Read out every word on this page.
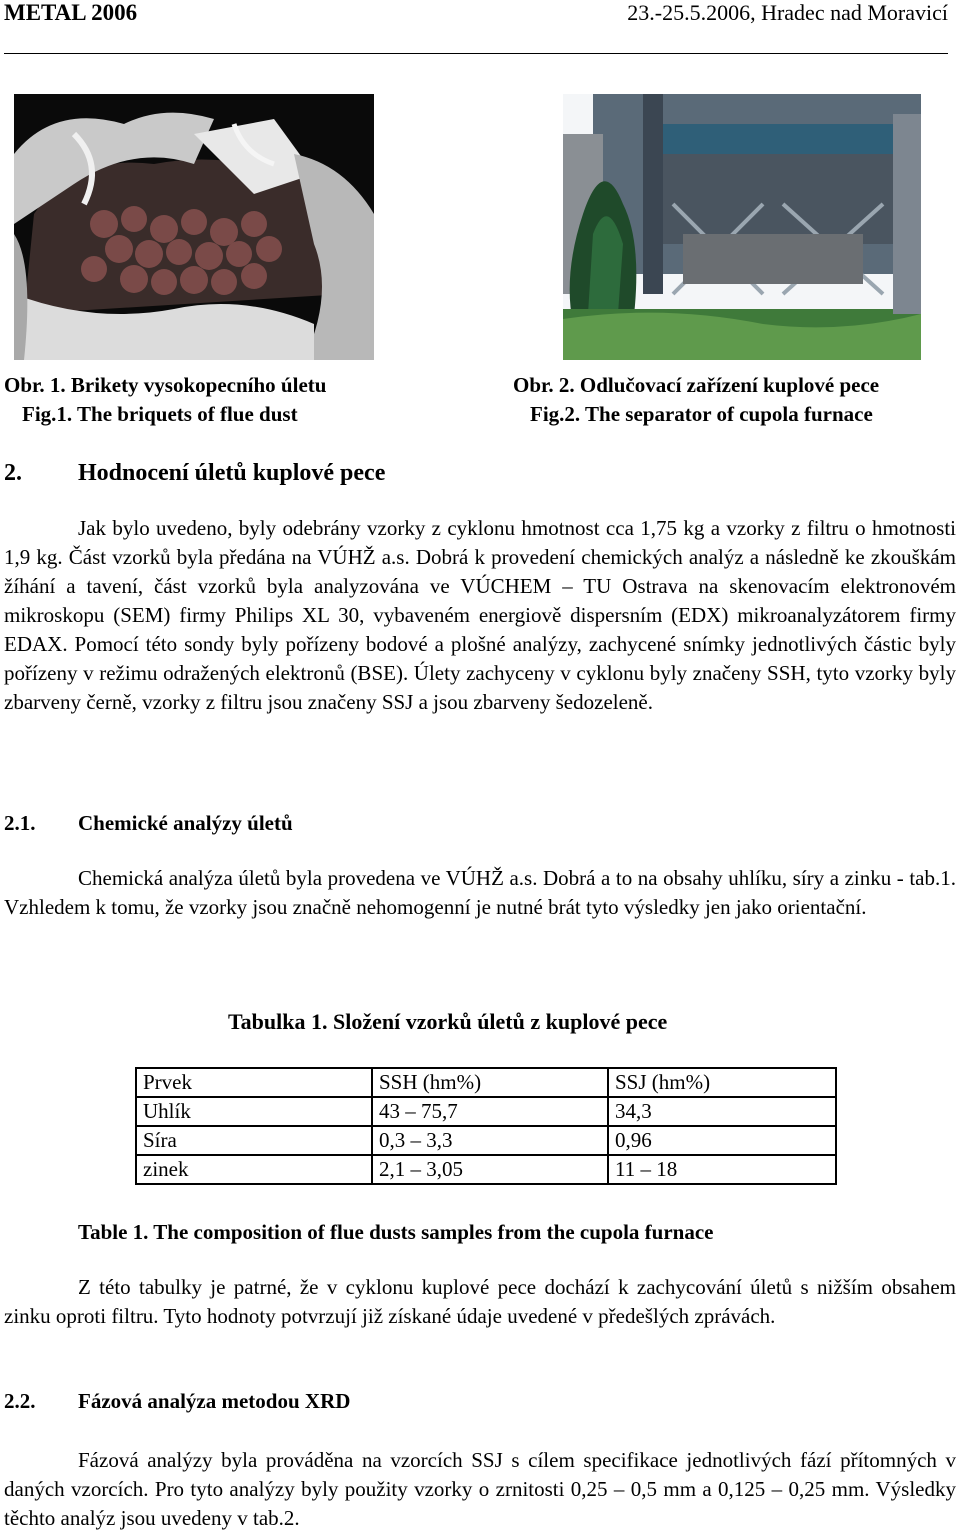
METAL 2006	23.-25.5.2006, Hradec nad Moravicí
Obr. 1. Brikety vysokopecního úletu
Fig.1. The briquets of flue dust
Obr. 2. Odlučovací zařízení kuplové pece
Fig.2. The separator of cupola furnace
2. Hodnocení úletů kuplové pece
Jak bylo uvedeno, byly odebrány vzorky z cyklonu hmotnost cca 1,75 kg a vzorky z filtru o hmotnosti 1,9 kg. Část vzorků byla předána na VÚHŽ a.s. Dobrá k provedení chemických analýz a následně ke zkouškám žíhání a tavení, část vzorků byla analyzována ve VÚCHEM – TU Ostrava na skenovacím elektronovém mikroskopu (SEM) firmy Philips XL 30, vybaveném energiově dispersním (EDX) mikroanalyzátorem firmy EDAX. Pomocí této sondy byly pořízeny bodové a plošné analýzy, zachycené snímky jednotlivých částic byly pořízeny v režimu odražených elektronů (BSE). Úlety zachyceny v cyklonu byly značeny SSH, tyto vzorky byly zbarveny černě, vzorky z filtru jsou značeny SSJ a jsou zbarveny šedozeleně.
2.1. Chemické analýzy úletů
Chemická analýza úletů byla provedena ve VÚHŽ a.s. Dobrá a to na obsahy uhlíku, síry a zinku - tab.1. Vzhledem k tomu, že vzorky jsou značně nehomogenní je nutné brát tyto výsledky jen jako orientační.
Tabulka 1. Složení vzorků úletů z kuplové pece
Prvek	SSH (hm%)	SSJ (hm%)
Uhlík	43 – 75,7	34,3
Síra	0,3 – 3,3	0,96
zinek	2,1 – 3,05	11 – 18
Table 1. The composition of flue dusts samples from the cupola furnace
Z této tabulky je patrné, že v cyklonu kuplové pece dochází k zachycování úletů s nižším obsahem zinku oproti filtru. Tyto hodnoty potvrzují již získané údaje uvedené v předešlých zprávách.
2.2. Fázová analýza metodou XRD
Fázová analýzy byla prováděna na vzorcích SSJ s cílem specifikace jednotlivých fází přítomných v daných vzorcích. Pro tyto analýzy byly použity vzorky o zrnitosti 0,25 – 0,5 mm a 0,125 – 0,25 mm. Výsledky těchto analýz jsou uvedeny v tab.2.
